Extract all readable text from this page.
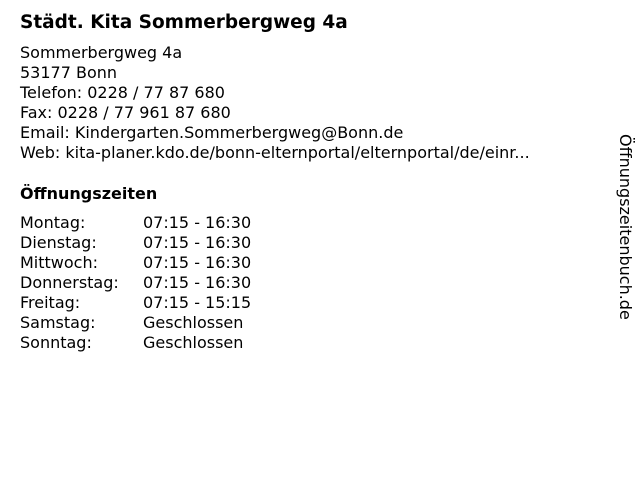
Städt. Kita Sommerbergweg 4a
Sommerbergweg 4a
53177 Bonn
Telefon: 0228 / 77 87 680
Fax: 0228 / 77 961 87 680
Email: Kindergarten.Sommerbergweg@Bonn.de
Web: kita-planer.kdo.de/bonn-elternportal/elternportal/de/einr...
Öffnungszeiten
Montag:	07:15 - 16:30
Dienstag:	07:15 - 16:30
Mittwoch:	07:15 - 16:30
Donnerstag: 07:15 - 16:30
Freitag:	07:15 - 15:15
Samstag:	Geschlossen
Sonntag:	Geschlossen
Öffnungszeitenbuch.de
